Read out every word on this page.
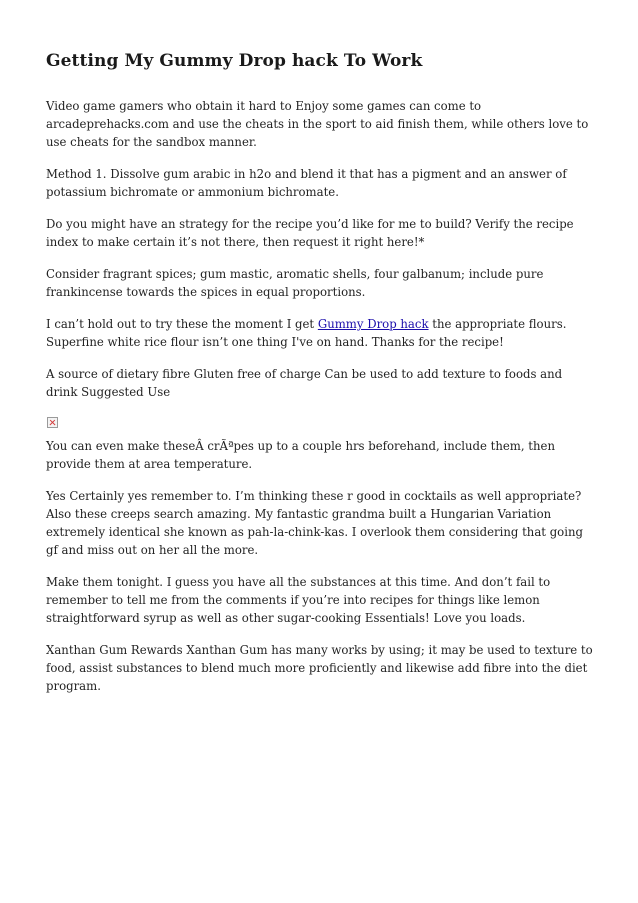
Getting My Gummy Drop hack To Work

Video game gamers who obtain it hard to Enjoy some games can come to arcadeprehacks.com and use the cheats in the sport to aid finish them, while others love to use cheats for the sandbox manner.

Method 1. Dissolve gum arabic in h2o and blend it that has a pigment and an answer of potassium bichromate or ammonium bichromate.

Do you might have an strategy for the recipe you’d like for me to build? Verify the recipe index to make certain it’s not there, then request it right here!*

Consider fragrant spices; gum mastic, aromatic shells, four galbanum; include pure frankincense towards the spices in equal proportions.

I can’t hold out to try these the moment I get Gummy Drop hack the appropriate flours. Superfine white rice flour isn’t one thing I've on hand. Thanks for the recipe!

A source of dietary fibre Gluten free of charge Can be used to add texture to foods and drink Suggested Use

You can even make theseÂ crÃªpes up to a couple hrs beforehand, include them, then provide them at area temperature.

Yes Certainly yes remember to. I’m thinking these r good in cocktails as well appropriate? Also these creeps search amazing. My fantastic grandma built a Hungarian Variation extremely identical she known as pah-la-chink-kas. I overlook them considering that going gf and miss out on her all the more.

Make them tonight. I guess you have all the substances at this time. And don’t fail to remember to tell me from the comments if you’re into recipes for things like lemon straightforward syrup as well as other sugar-cooking Essentials! Love you loads.

Xanthan Gum Rewards Xanthan Gum has many works by using; it may be used to texture to food, assist substances to blend much more proficiently and likewise add fibre into the diet program.
